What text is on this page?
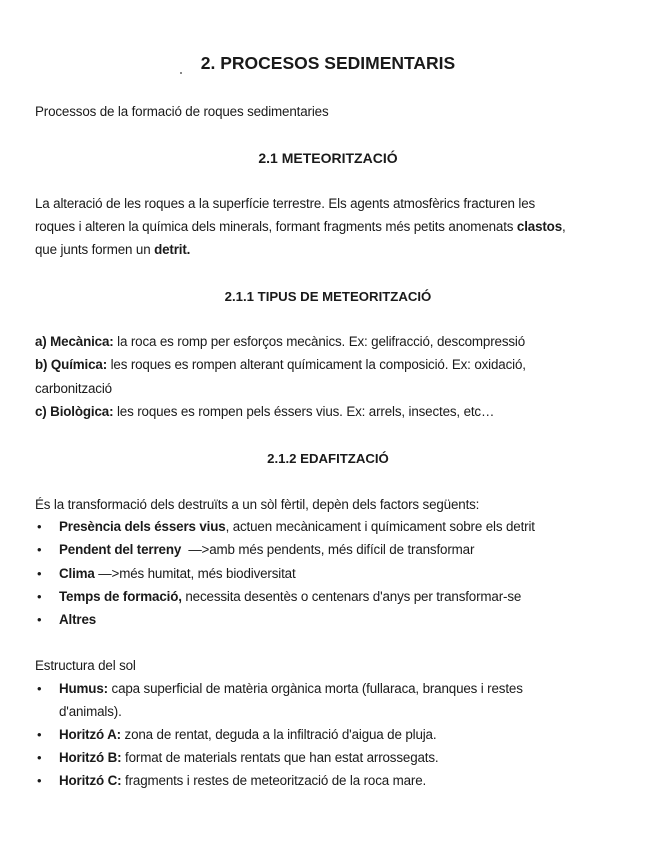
2. PROCESOS SEDIMENTARIS
Processos de la formació de roques sedimentaries
2.1 METEORITZACIÓ
La alteració de les roques a la superfície terrestre. Els agents atmosfèrics fracturen les
roques i alteren la química dels minerals, formant fragments més petits anomenats clastos,
que junts formen un detrit.
2.1.1 TIPUS DE METEORITZACIÓ
a) Mecànica: la roca es romp per esforços mecànics. Ex: gelifracció, descompressió
b) Química: les roques es rompen alterant químicament la composició. Ex: oxidació,
carbonització
c) Biològica: les roques es rompen pels éssers vius. Ex: arrels, insectes, etc…
2.1.2 EDAFITZACIÓ
És la transformació dels destruïts a un sòl fèrtil, depèn dels factors següents:
• Presència dels éssers vius, actuen mecànicament i químicament sobre els detrit
• Pendent del terreny  —>amb més pendents, més difícil de transformar
• Clima —>més humitat, més biodiversitat
• Temps de formació, necessita desentès o centenars d'anys per transformar-se
• Altres
Estructura del sol
• Humus: capa superficial de matèria orgànica morta (fullaraca, branques i restes
d'animals).
• Horitzó A: zona de rentat, deguda a la infiltració d'aigua de pluja.
• Horitzó B: format de materials rentats que han estat arrossegats.
• Horitzó C: fragments i restes de meteorització de la roca mare.
